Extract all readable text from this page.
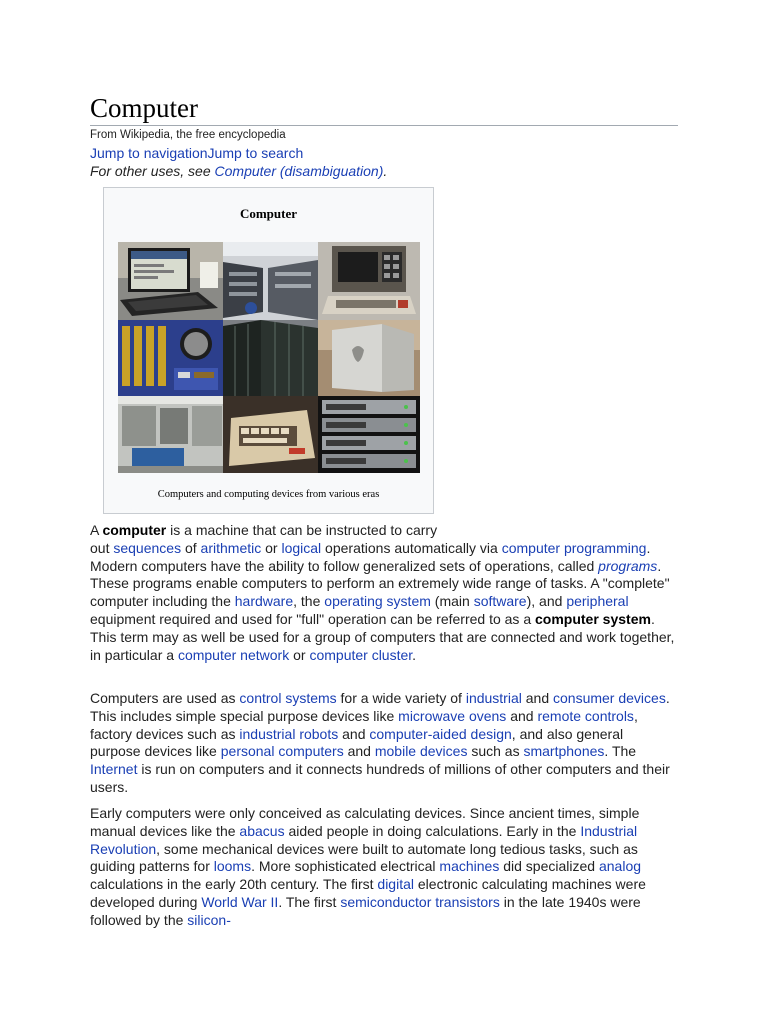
Computer
From Wikipedia, the free encyclopedia
Jump to navigationJump to search
For other uses, see Computer (disambiguation).
Computer
Computers and computing devices from various eras
A computer is a machine that can be instructed to carry
out sequences of arithmetic or logical operations automatically via computer programming. Modern computers have the ability to follow generalized sets of operations, called programs. These programs enable computers to perform an extremely wide range of tasks. A "complete" computer including the hardware, the operating system (main software), and peripheral equipment required and used for "full" operation can be referred to as a computer system. This term may as well be used for a group of computers that are connected and work together, in particular a computer network or computer cluster.
Computers are used as control systems for a wide variety of industrial and consumer devices. This includes simple special purpose devices like microwave ovens and remote controls, factory devices such as industrial robots and computer-aided design, and also general purpose devices like personal computers and mobile devices such as smartphones. The Internet is run on computers and it connects hundreds of millions of other computers and their users.
Early computers were only conceived as calculating devices. Since ancient times, simple manual devices like the abacus aided people in doing calculations. Early in the Industrial Revolution, some mechanical devices were built to automate long tedious tasks, such as guiding patterns for looms. More sophisticated electrical machines did specialized analog calculations in the early 20th century. The first digital electronic calculating machines were developed during World War II. The first semiconductor transistors in the late 1940s were followed by the silicon-
